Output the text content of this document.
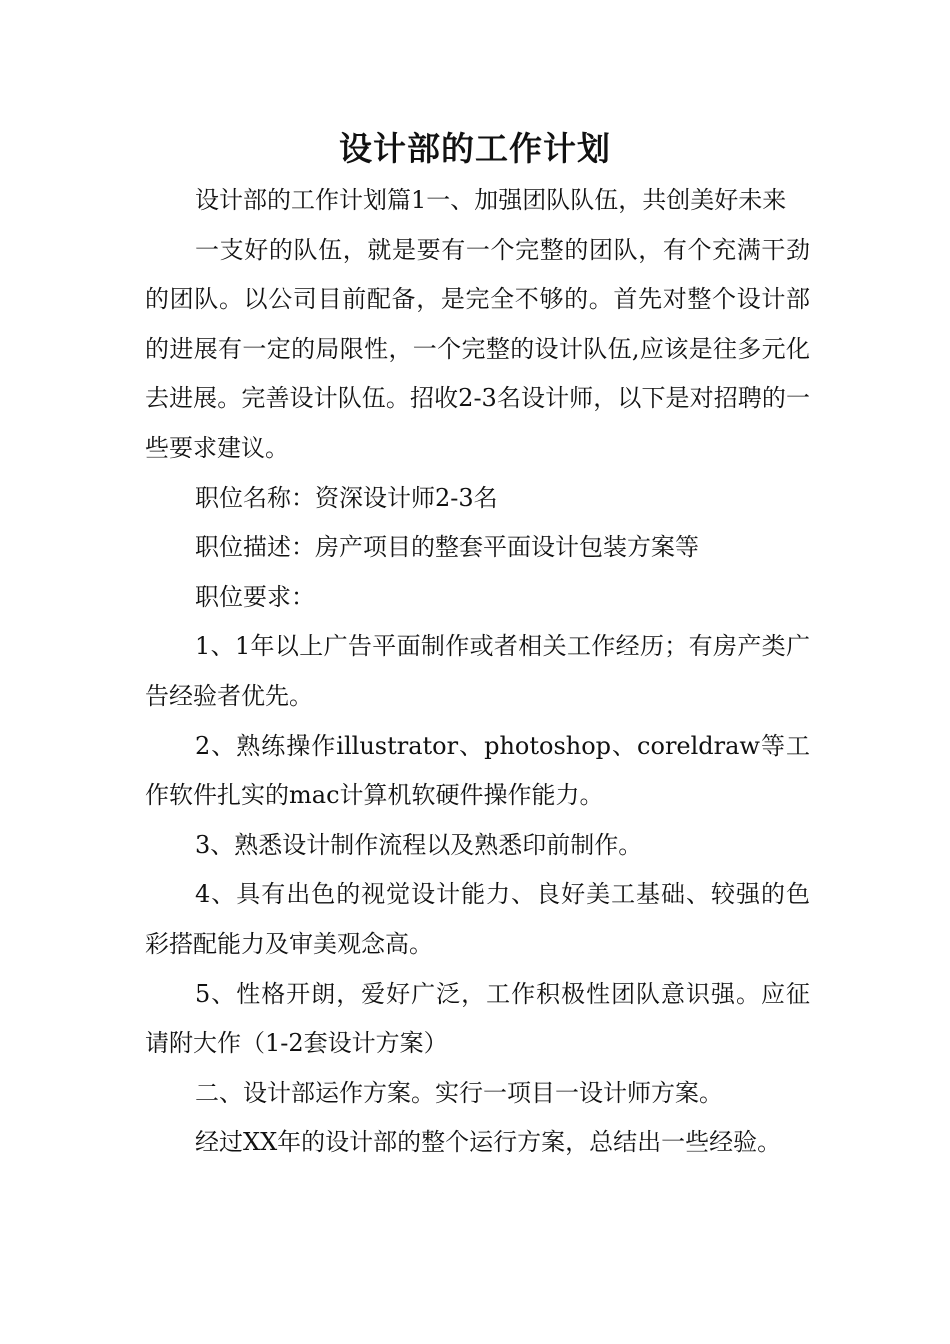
设计部的工作计划

设计部的工作计划篇1一、加强团队队伍，共创美好未来

一支好的队伍，就是要有一个完整的团队，有个充满干劲的团队。以公司目前配备，是完全不够的。首先对整个设计部的进展有一定的局限性，一个完整的设计队伍,应该是往多元化去进展。完善设计队伍。招收2-3名设计师，以下是对招聘的一些要求建议。

职位名称：资深设计师2-3名

职位描述：房产项目的整套平面设计包装方案等

职位要求：

1、1年以上广告平面制作或者相关工作经历；有房产类广告经验者优先。

2、熟练操作illustrator、photoshop、coreldraw等工作软件扎实的mac计算机软硬件操作能力。

3、熟悉设计制作流程以及熟悉印前制作。

4、具有出色的视觉设计能力、良好美工基础、较强的色彩搭配能力及审美观念高。

5、性格开朗，爱好广泛，工作积极性团队意识强。应征请附大作（1-2套设计方案）

二、设计部运作方案。实行一项目一设计师方案。

经过XX年的设计部的整个运行方案，总结出一些经验。
